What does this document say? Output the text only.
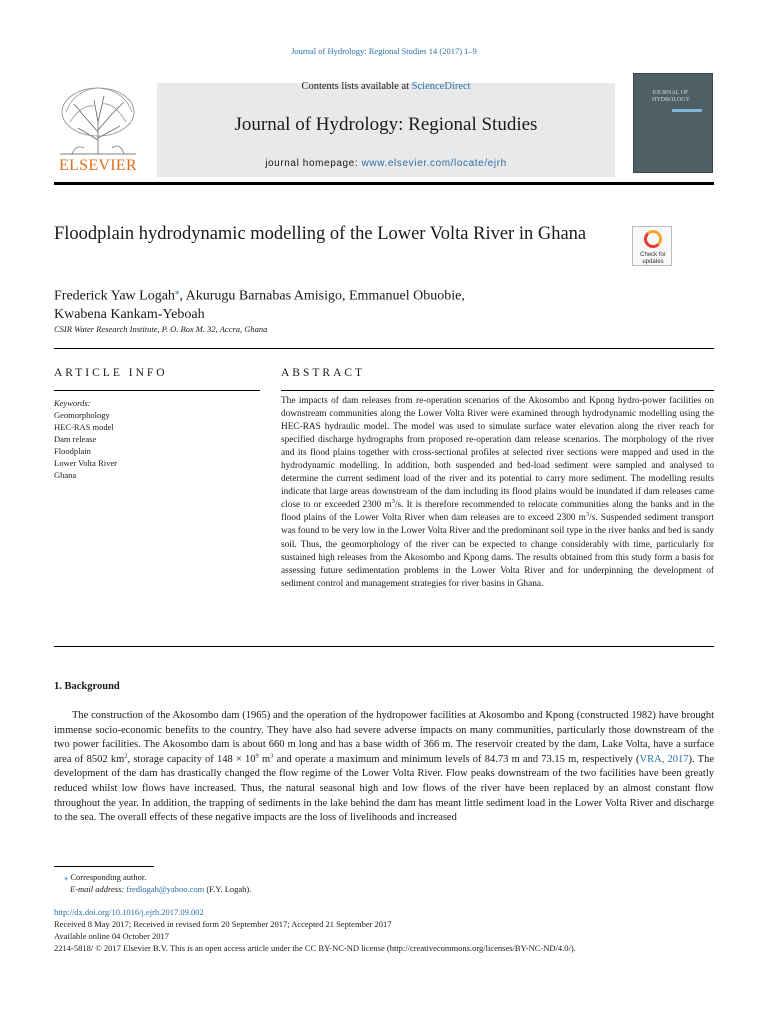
Journal of Hydrology: Regional Studies 14 (2017) 1–9
ELSEVIER
Contents lists available at ScienceDirect
Journal of Hydrology: Regional Studies
journal homepage: www.elsevier.com/locate/ejrh
JOURNAL OF HYDROLOGY
Floodplain hydrodynamic modelling of the Lower Volta River in Ghana
Check for
updates
Frederick Yaw Logah⁎, Akurugu Barnabas Amisigo, Emmanuel Obuobie,
Kwabena Kankam-Yeboah
CSIR Water Research Institute, P. O. Box M. 32, Accra, Ghana
ARTICLE INFO
Keywords:
Geomorphology
HEC-RAS model
Dam release
Floodplain
Lower Volta River
Ghana
ABSTRACT
The impacts of dam releases from re-operation scenarios of the Akosombo and Kpong hydro-power facilities on downstream communities along the Lower Volta River were examined through hydrodynamic modelling using the HEC-RAS hydraulic model. The model was used to simulate surface water elevation along the river reach for specified discharge hydrographs from proposed re-operation dam release scenarios. The morphology of the river and its flood plains together with cross-sectional profiles at selected river sections were mapped and used in the hydrodynamic modelling. In addition, both suspended and bed-load sediment were sampled and analysed to determine the current sediment load of the river and its potential to carry more sediment. The modelling results indicate that large areas downstream of the dam including its flood plains would be inundated if dam releases came close to or exceeded 2300 $m^3/s$. It is therefore recommended to relocate communities along the banks and in the flood plains of the Lower Volta River when dam releases are to exceed 2300 $m^3/s$. Suspended sediment transport was found to be very low in the Lower Volta River and the predominant soil type in the river banks and bed is sandy soil. Thus, the geomorphology of the river can be expected to change considerably with time, particularly for sustained high releases from the Akosombo and Kpong dams. The results obtained from this study form a basis for assessing future sedimentation problems in the Lower Volta River and for underpinning the development of sediment control and management strategies for river basins in Ghana.
1. Background
The construction of the Akosombo dam (1965) and the operation of the hydropower facilities at Akosombo and Kpong (constructed 1982) have brought immense socio-economic benefits to the country. They have also had severe adverse impacts on many communities, particularly those downstream of the two power facilities. The Akosombo dam is about 660 m long and has a base width of 366 m. The reservoir created by the dam, Lake Volta, have a surface area of 8502 $km^2$, storage capacity of $148 \times 10^9$ $m^3$ and operate a maximum and minimum levels of 84.73 m and 73.15 m, respectively (VRA, 2017). The development of the dam has drastically changed the flow regime of the Lower Volta River. Flow peaks downstream of the two facilities have been greatly reduced whilst low flows have increased. Thus, the natural seasonal high and low flows of the river have been replaced by an almost constant flow throughout the year. In addition, the trapping of sediments in the lake behind the dam has meant little sediment load in the Lower Volta River and discharge to the sea. The overall effects of these negative impacts are the loss of livelihoods and increased
⁎ Corresponding author.
E-mail address: fredlogah@yahoo.com (F.Y. Logah).
http://dx.doi.org/10.1016/j.ejrh.2017.09.002
Received 8 May 2017; Received in revised form 20 September 2017; Accepted 21 September 2017
Available online 04 October 2017
2214-5818/ © 2017 Elsevier B.V. This is an open access article under the CC BY-NC-ND license (http://creativecommons.org/licenses/BY-NC-ND/4.0/).
